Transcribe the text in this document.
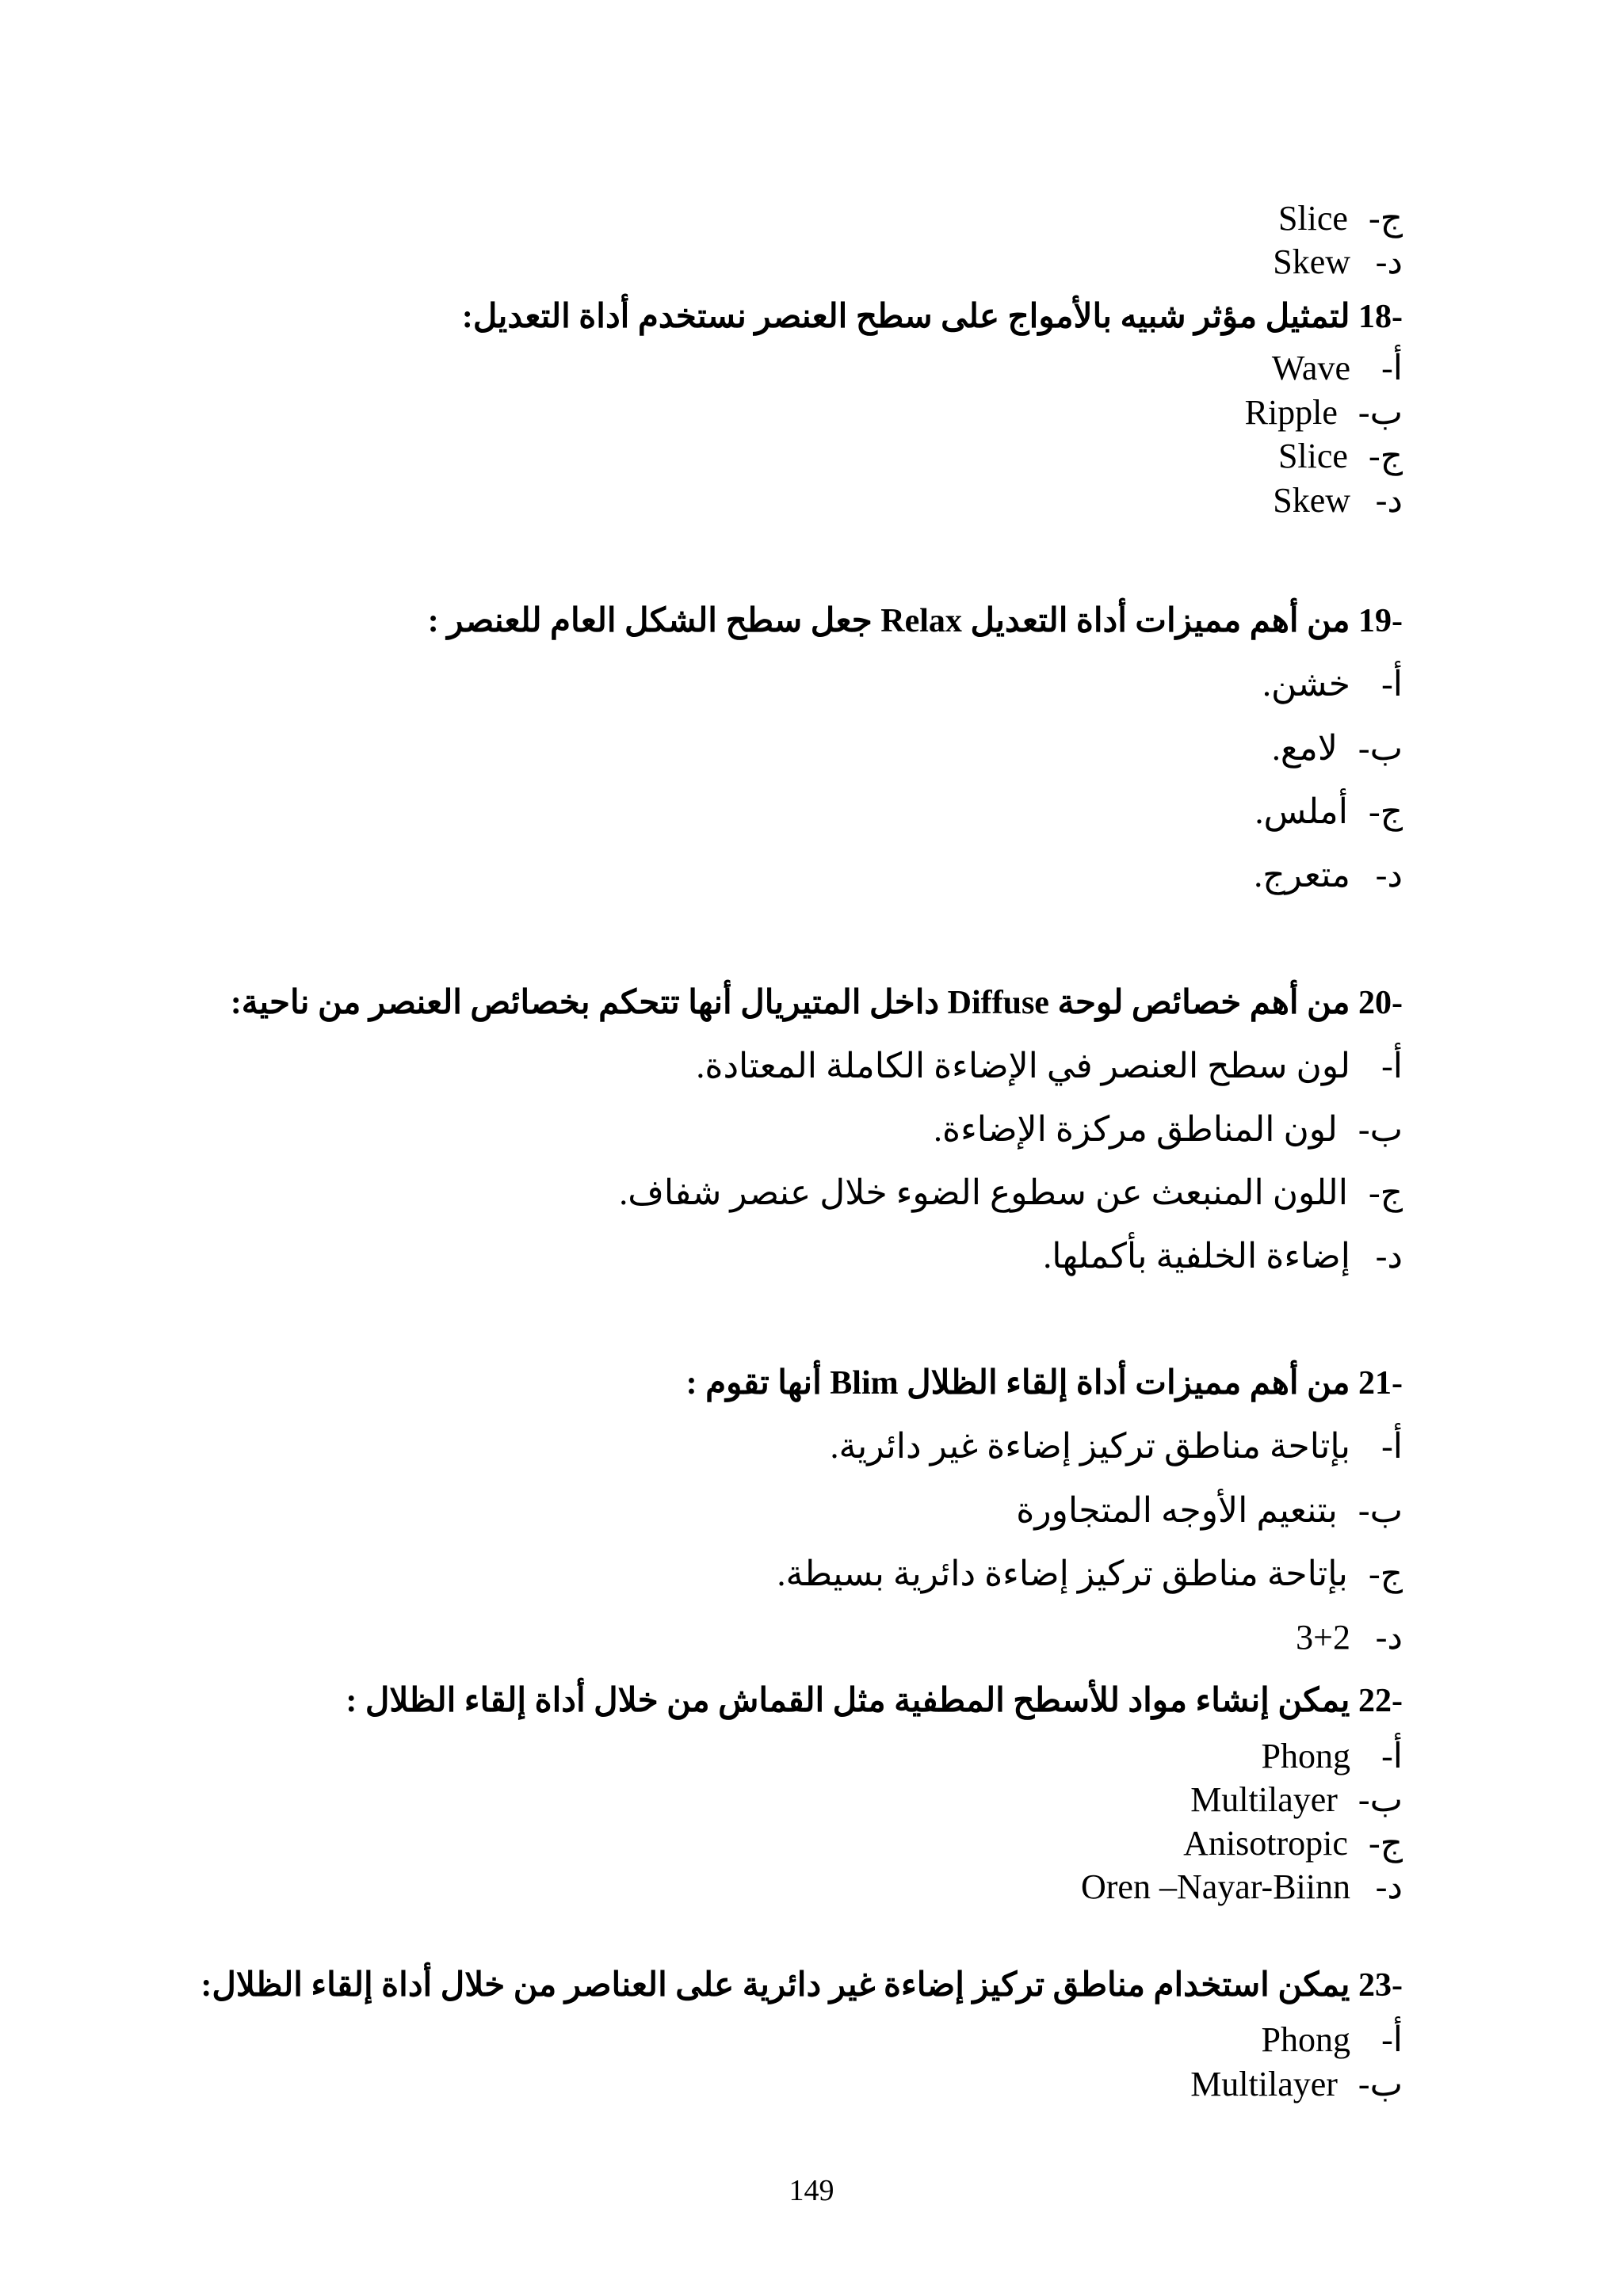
ج-Slice
د-Skew
18- لتمثيل مؤثر شبيه بالأمواج على سطح العنصر نستخدم أداة التعديل:
أ-Wave
ب-Ripple
ج-Slice
د-Skew
19- من أهم مميزات أداة التعديل Relax جعل سطح الشكل العام للعنصر :
أ-خشن.
ب-لامع.
ج-أملس.
د-متعرج.
20- من أهم خصائص لوحة Diffuse داخل المتيريال أنها تتحكم بخصائص العنصر من ناحية:
أ-لون سطح العنصر في الإضاءة الكاملة المعتادة.
ب-لون المناطق مركزة الإضاءة.
ج-اللون المنبعث عن سطوع الضوء خلال عنصر شفاف.
د-إضاءة الخلفية بأكملها.
21- من أهم مميزات أداة إلقاء الظلال Blim أنها تقوم :
أ-بإتاحة مناطق تركيز إضاءة غير دائرية.
ب-بتنعيم الأوجه المتجاورة
ج-بإتاحة مناطق تركيز إضاءة دائرية بسيطة.
د-3+2
22- يمكن إنشاء مواد للأسطح المطفية مثل القماش من خلال أداة إلقاء الظلال :
أ-Phong
ب-Multilayer
ج-Anisotropic
د-Oren –Nayar-Biinn
23- يمكن استخدام مناطق تركيز إضاءة غير دائرية على العناصر من خلال أداة إلقاء الظلال:
أ-Phong
ب-Multilayer
149
